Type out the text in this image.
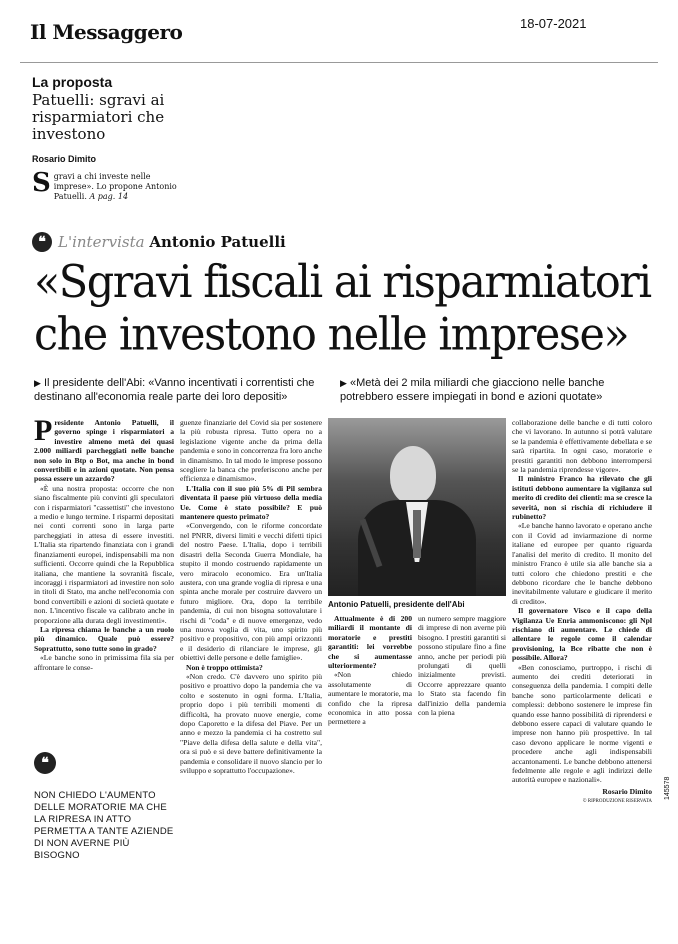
Il Messaggero	18-07-2021
La proposta
Patuelli: sgravi ai risparmiatori che investono
Rosario Dimito
S gravi a chi investe nelle imprese». Lo propone Antonio Patuelli. A pag. 14
❝ L'intervista Antonio Patuelli
«Sgravi fiscali ai risparmiatori che investono nelle imprese»
▶ Il presidente dell'Abi: «Vanno incentivati i correntisti che destinano all'economia reale parte dei loro depositi»
▶ «Metà dei 2 mila miliardi che giacciono nelle banche potrebbero essere impiegati in bond e azioni quotate»

Presidente Antonio Patuelli, il governo spinge i risparmiatori a investire almeno metà dei quasi 2.000 miliardi parcheggiati nelle banche non solo in Btp o Bot, ma anche in bond convertibili e in azioni quotate. Non pensa possa essere un azzardo?

«È una nostra proposta: occorre che non siano fiscalmente più convinti gli speculatori con i risparmiatori "cassettisti" che investono a medio e lungo termine. I risparmi depositati nei conti correnti sono in larga parte parcheggiati in attesa di essere investiti. L'Italia sta ripartendo finanziata con i grandi finanziamenti europei, indispensabili ma non sufficienti. Occorre quindi che la Repubblica italiana, che mantiene la sovranità fiscale, incoraggi i risparmiatori ad investire non solo in titoli di Stato, ma anche nell'economia con bond convertibili e azioni di società quotate e non. L'incentivo fiscale va calibrato anche in proporzione alla durata degli investimenti».

La ripresa chiama le banche a un ruolo più dinamico. Quale può essere? Soprattutto, sono tutte sono in grado?

«Le banche sono in primissima fila sia per affrontare le conse-

❝
NON CHIEDO L'AUMENTO DELLE MORATORIE MA CHE LA RIPRESA IN ATTO PERMETTA A TANTE AZIENDE DI NON AVERNE PIÙ BISOGNO

guenze finanziarie del Covid sia per sostenere la più robusta ripresa. Tutto opera no a legislazione vigente anche da prima della pandemia e sono in concorrenza fra loro anche in dinamismo. In tal modo le imprese possono scegliere la banca che preferiscono anche per efficienza e dinamismo».

L'Italia con il suo più 5% di Pil sembra diventata il paese più virtuoso della media Ue. Come è stato possibile? E può mantenere questo primato?

«Convergendo, con le riforme concordate nel PNRR, diversi limiti e vecchi difetti tipici del nostro Paese. L'Italia, dopo i terribili disastri della Seconda Guerra Mondiale, ha stupito il mondo costruendo rapidamente un vero miracolo economico. Era un'Italia austera, con una grande voglia di ripresa e una spinta anche morale per costruire davvero un futuro migliore. Ora, dopo la terribile pandemia, di cui non bisogna sottovalutare i rischi di "coda" e di nuove emergenze, vedo una nuova voglia di vita, uno spirito più positivo e propositivo, con più ampi orizzonti e il desiderio di rilanciare le imprese, gli obiettivi delle persone e delle famiglie».

Non è troppo ottimista?

«Non credo. C'è davvero uno spirito più positivo e proattivo dopo la pandemia che va colto e sostenuto in ogni forma. L'Italia, proprio dopo i più terribili momenti di difficoltà, ha provato nuove energie, come dopo Caporetto e la difesa del Piave. Per un anno e mezzo la pandemia ci ha costretto sul "Piave della difesa della salute e della vita", ora si può e si deve battere definitivamente la pandemia e consolidare il nuovo slancio per lo sviluppo e soprattutto l'occupazione».

Antonio Patuelli, presidente dell'Abi

Attualmente è di 200 miliardi il montante di moratorie e prestiti garantiti: lei vorrebbe che si aumentasse ulteriormente?

«Non chiedo assolutamente di aumentare le moratorie, ma confido che la ripresa economica in atto possa permettere a

un numero sempre maggiore di imprese di non averne più bisogno. I prestiti garantiti si possono stipulare fino a fine anno, anche per periodi più prolungati di quelli inizialmente previsti. Occorre apprezzare quanto lo Stato sta facendo fin dall'inizio della pandemia con la piena

collaborazione delle banche e di tutti coloro che vi lavorano. In autunno si potrà valutare se la pandemia è effettivamente debellata e se sarà ripartita. In ogni caso, moratorie e prestiti garantiti non debbono interrompersi se la pandemia riprendesse vigore».

Il ministro Franco ha rilevato che gli istituti debbono aumentare la vigilanza sul merito di credito dei clienti: ma se cresce la severità, non si rischia di richiudere il rubinetto?

«Le banche hanno lavorato e operano anche con il Covid ad inviarmazione di norme italiane ed europee per quanto riguarda l'analisi del merito di credito. Il monito del ministro Franco è utile sia alle banche sia a tutti coloro che chiedono prestiti e che debbono ricordare che le banche debbono inevitabilmente valutare e giudicare il merito di credito».

Il governatore Visco e il capo della Vigilanza Ue Enria ammoniscono: gli Npl rischiano di aumentare. Le chiede di allentare le regole come il calendar provisioning, la Bce ribatte che non è possibile. Allora?

«Ben conosciamo, purtroppo, i rischi di aumento dei crediti deteriorati in conseguenza della pandemia. I compiti delle banche sono particolarmente delicati e complessi: debbono sostenere le imprese fin quando esse hanno possibilità di riprendersi e debbono essere capaci di valutare quando le imprese non hanno più prospettive. In tal caso devono applicare le norme vigenti e procedere anche agli indispensabili accantonamenti. Le banche debbono attenersi fedelmente alle regole e agli indirizzi delle autorità europee e nazionali».

Rosario Dimito
© RIPRODUZIONE RISERVATA
145578
